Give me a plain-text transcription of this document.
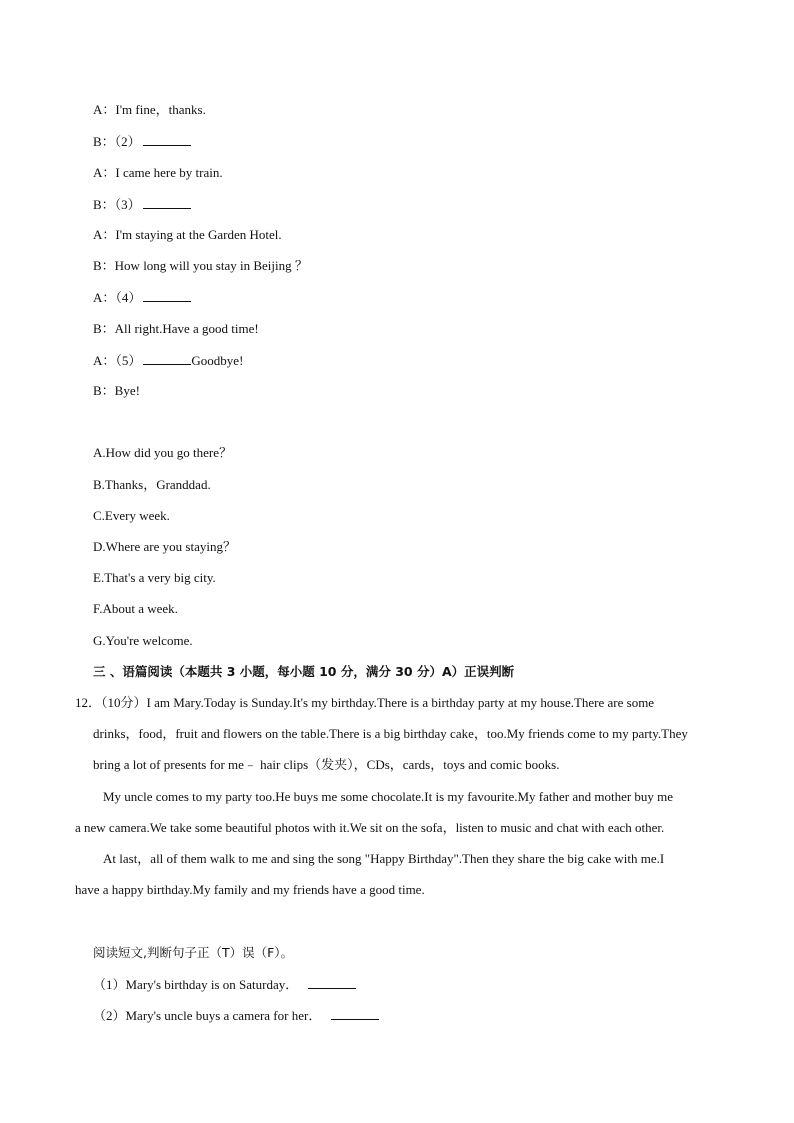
A：I'm fine，thanks.
B：（2）
A：I came here by train.
B：（3）
A：I'm staying at the Garden Hotel.
B：How long will you stay in Beijing ？
A：（4）
B：All right.Have a good time!
A：（5）	Goodbye!
B：Bye!
A.How did you go there？
B.Thanks，Granddad.
C.Every week.
D.Where are you staying？
E.That's a very big city.
F.About a week.
G.You're welcome.
三 、语篇阅读（本题共 3 小题，每小题 10 分，满分 30 分）A）正误判断
12．（10分）I am Mary.Today is Sunday.It's my birthday.There is a birthday party at my house.There are some
drinks，food，fruit and flowers on the table.There is a big birthday cake，too.My friends come to my party.They
bring a lot of presents for me﹣ hair clips（发夹），CDs，cards，toys and comic books.
My uncle comes to my party too.He buys me some chocolate.It is my favourite.My father and mother buy me
a new camera.We take some beautiful photos with it.We sit on the sofa，listen to music and chat with each other.
At last，all of them walk to me and sing the song "Happy Birthday".Then they share the big cake with me.I
have a happy birthday.My family and my friends have a good time.
阅读短文,判断句子正（T）误（F）。
（1）Mary's birthday is on Saturday．
（2）Mary's uncle buys a camera for her．
